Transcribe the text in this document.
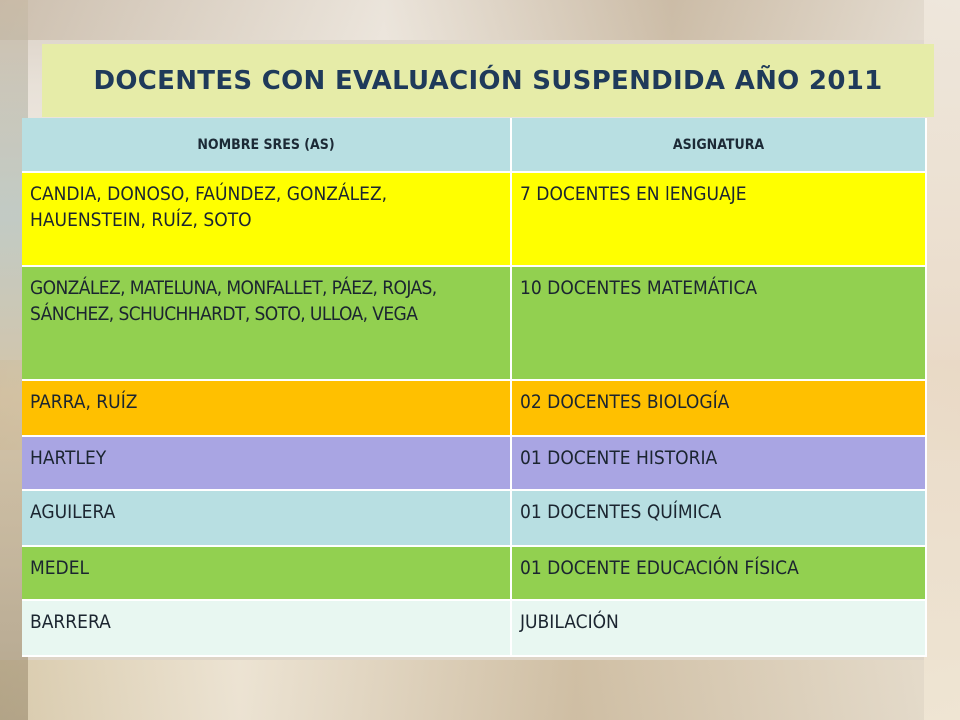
DOCENTES CON EVALUACIÓN SUSPENDIDA AÑO 2011
NOMBRE SRES (AS)	ASIGNATURA
CANDIA, DONOSO, FAÚNDEZ, GONZÁLEZ, HAUENSTEIN, RUÍZ, SOTO	7 DOCENTES EN lENGUAJE
GONZÁLEZ, MATELUNA, MONFALLET, PÁEZ, ROJAS, SÁNCHEZ, SCHUCHHARDT, SOTO, ULLOA, VEGA	10 DOCENTES MATEMÁTICA
PARRA, RUÍZ	02 DOCENTES BIOLOGÍA
HARTLEY	01 DOCENTE HISTORIA
AGUILERA	01 DOCENTES QUÍMICA
MEDEL	01 DOCENTE EDUCACIÓN FÍSICA
BARRERA	JUBILACIÓN
